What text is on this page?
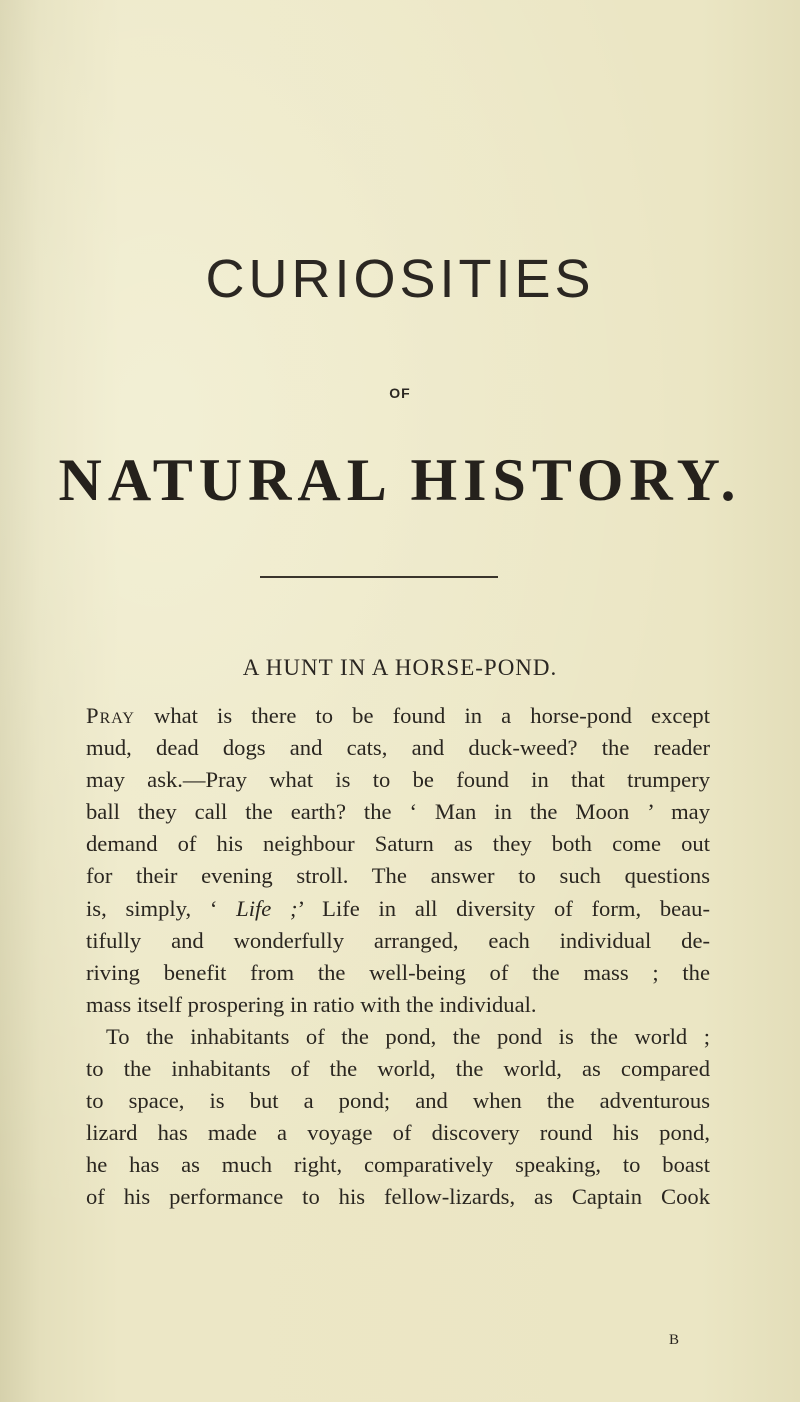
CURIOSITIES
OF
NATURAL HISTORY.
A HUNT IN A HORSE-POND.
Pray what is there to be found in a horse-pond except
mud, dead dogs and cats, and duck-weed? the reader
may ask.—Pray what is to be found in that trumpery
ball they call the earth? the ‘ Man in the Moon ’ may
demand of his neighbour Saturn as they both come out
for their evening stroll. The answer to such questions
is, simply, ‘ Life ;’ Life in all diversity of form, beau-
tifully and wonderfully arranged, each individual de-
riving benefit from the well-being of the mass ; the
mass itself prospering in ratio with the individual.
To the inhabitants of the pond, the pond is the world ;
to the inhabitants of the world, the world, as compared
to space, is but a pond; and when the adventurous
lizard has made a voyage of discovery round his pond,
he has as much right, comparatively speaking, to boast
of his performance to his fellow-lizards, as Captain Cook
B
